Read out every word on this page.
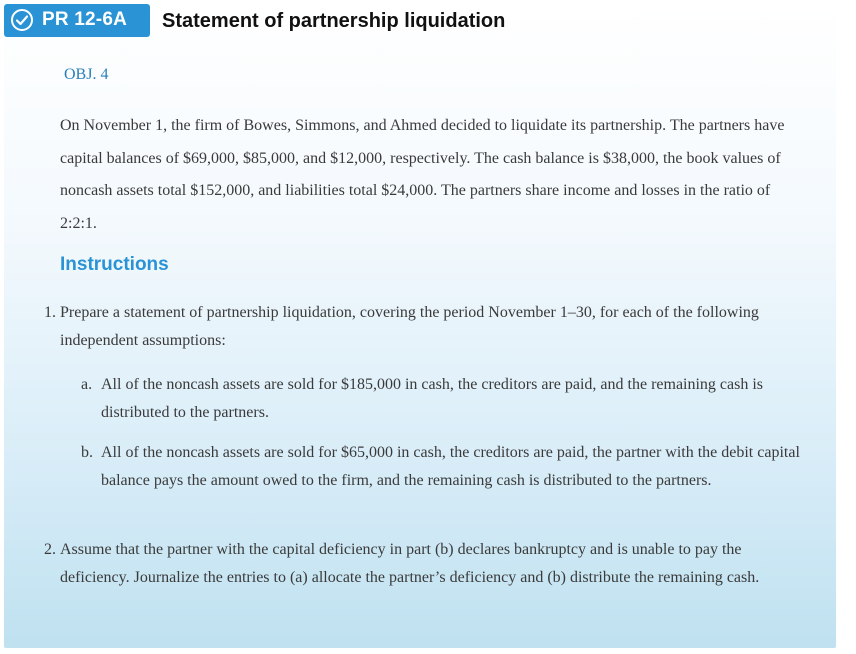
PR 12-6A Statement of partnership liquidation
OBJ. 4
On November 1, the firm of Bowes, Simmons, and Ahmed decided to liquidate its partnership. The partners have capital balances of $69,000, $85,000, and $12,000, respectively. The cash balance is $38,000, the book values of noncash assets total $152,000, and liabilities total $24,000. The partners share income and losses in the ratio of 2:2:1.
Instructions
1. Prepare a statement of partnership liquidation, covering the period November 1–30, for each of the following independent assumptions:
a. All of the noncash assets are sold for $185,000 in cash, the creditors are paid, and the remaining cash is distributed to the partners.
b. All of the noncash assets are sold for $65,000 in cash, the creditors are paid, the partner with the debit capital balance pays the amount owed to the firm, and the remaining cash is distributed to the partners.
2. Assume that the partner with the capital deficiency in part (b) declares bankruptcy and is unable to pay the deficiency. Journalize the entries to (a) allocate the partner’s deficiency and (b) distribute the remaining cash.
